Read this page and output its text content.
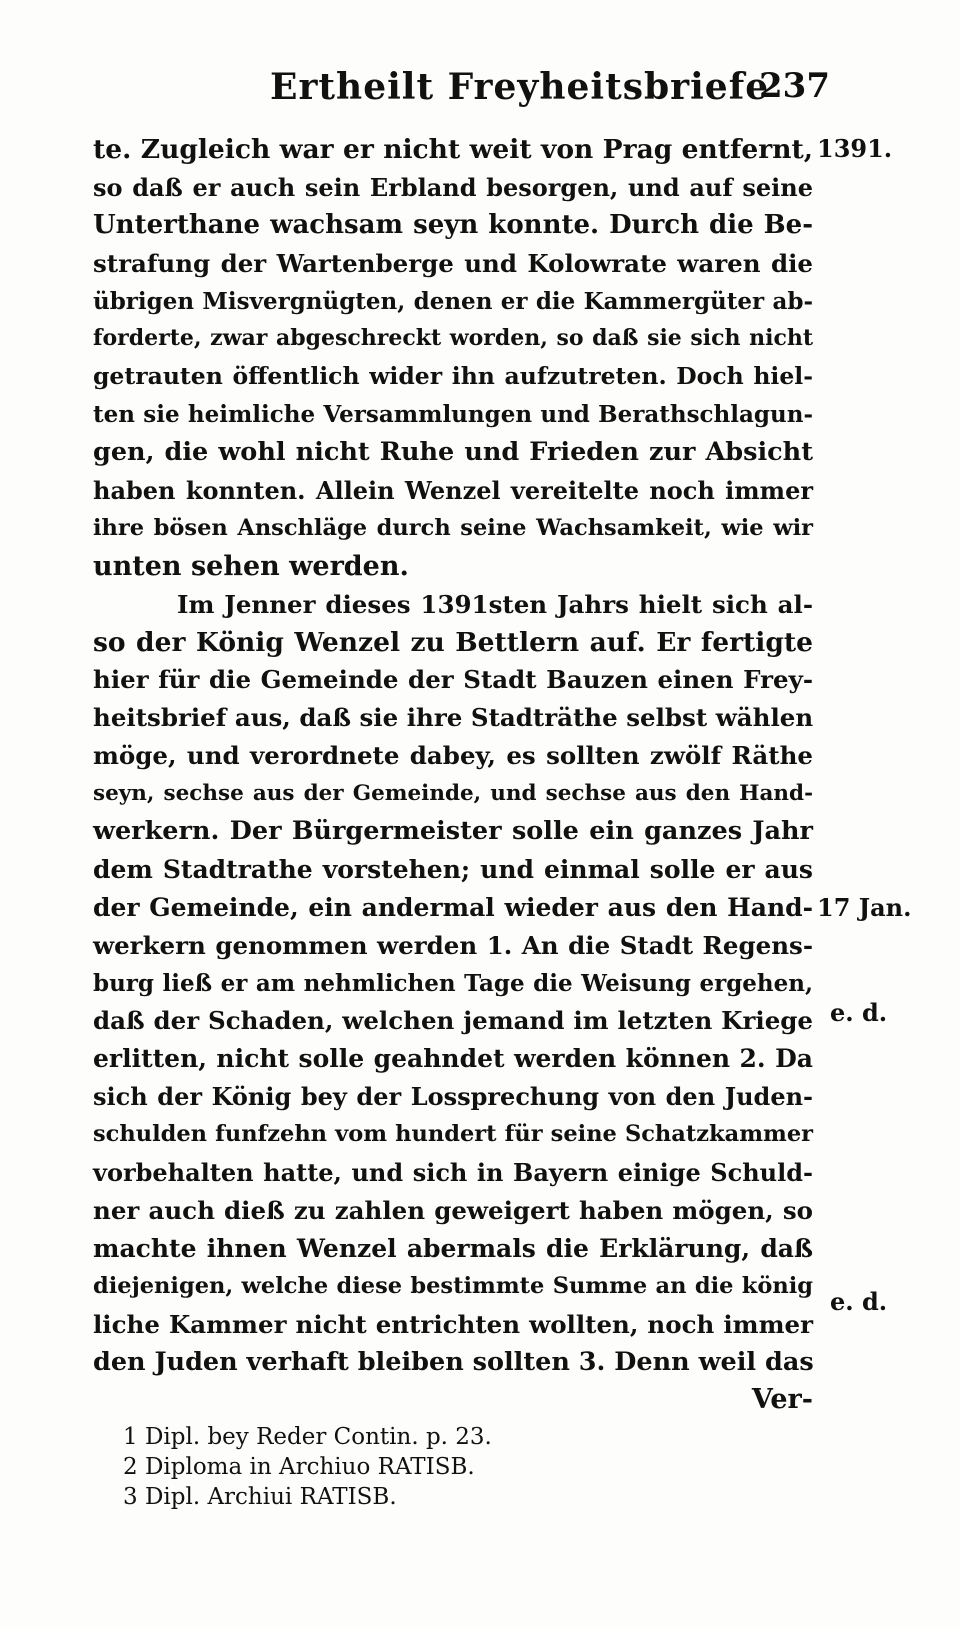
Ertheilt Freyheitsbriefe
237
te. Zugleich war er nicht weit von Prag entfernt,
so daß er auch sein Erbland besorgen, und auf seine
Unterthane wachsam seyn konnte. Durch die Be-
strafung der Wartenberge und Kolowrate waren die
übrigen Misvergnügten, denen er die Kammergüter ab-
forderte, zwar abgeschreckt worden, so daß sie sich nicht
getrauten öffentlich wider ihn aufzutreten. Doch hiel-
ten sie heimliche Versammlungen und Berathschlagun-
gen, die wohl nicht Ruhe und Frieden zur Absicht
haben konnten. Allein Wenzel vereitelte noch immer
ihre bösen Anschläge durch seine Wachsamkeit, wie wir
unten sehen werden.
Im Jenner dieses 1391sten Jahrs hielt sich al-
so der König Wenzel zu Bettlern auf. Er fertigte
hier für die Gemeinde der Stadt Bauzen einen Frey-
heitsbrief aus, daß sie ihre Stadträthe selbst wählen
möge, und verordnete dabey, es sollten zwölf Räthe
seyn, sechse aus der Gemeinde, und sechse aus den Hand-
werkern. Der Bürgermeister solle ein ganzes Jahr
dem Stadtrathe vorstehen; und einmal solle er aus
der Gemeinde, ein andermal wieder aus den Hand-
werkern genommen werden 1. An die Stadt Regens-
burg ließ er am nehmlichen Tage die Weisung ergehen,
daß der Schaden, welchen jemand im letzten Kriege
erlitten, nicht solle geahndet werden können 2. Da
sich der König bey der Lossprechung von den Juden-
schulden funfzehn vom hundert für seine Schatzkammer
vorbehalten hatte, und sich in Bayern einige Schuld-
ner auch dieß zu zahlen geweigert haben mögen, so
machte ihnen Wenzel abermals die Erklärung, daß
diejenigen, welche diese bestimmte Summe an die könig
liche Kammer nicht entrichten wollten, noch immer
den Juden verhaft bleiben sollten 3. Denn weil das
Ver-
1391.
17 Jan.
e. d.
e. d.
1 Dipl. bey Reder Contin. p. 23.
2 Diploma in Archiuo RATISB.
3 Dipl. Archiui RATISB.
